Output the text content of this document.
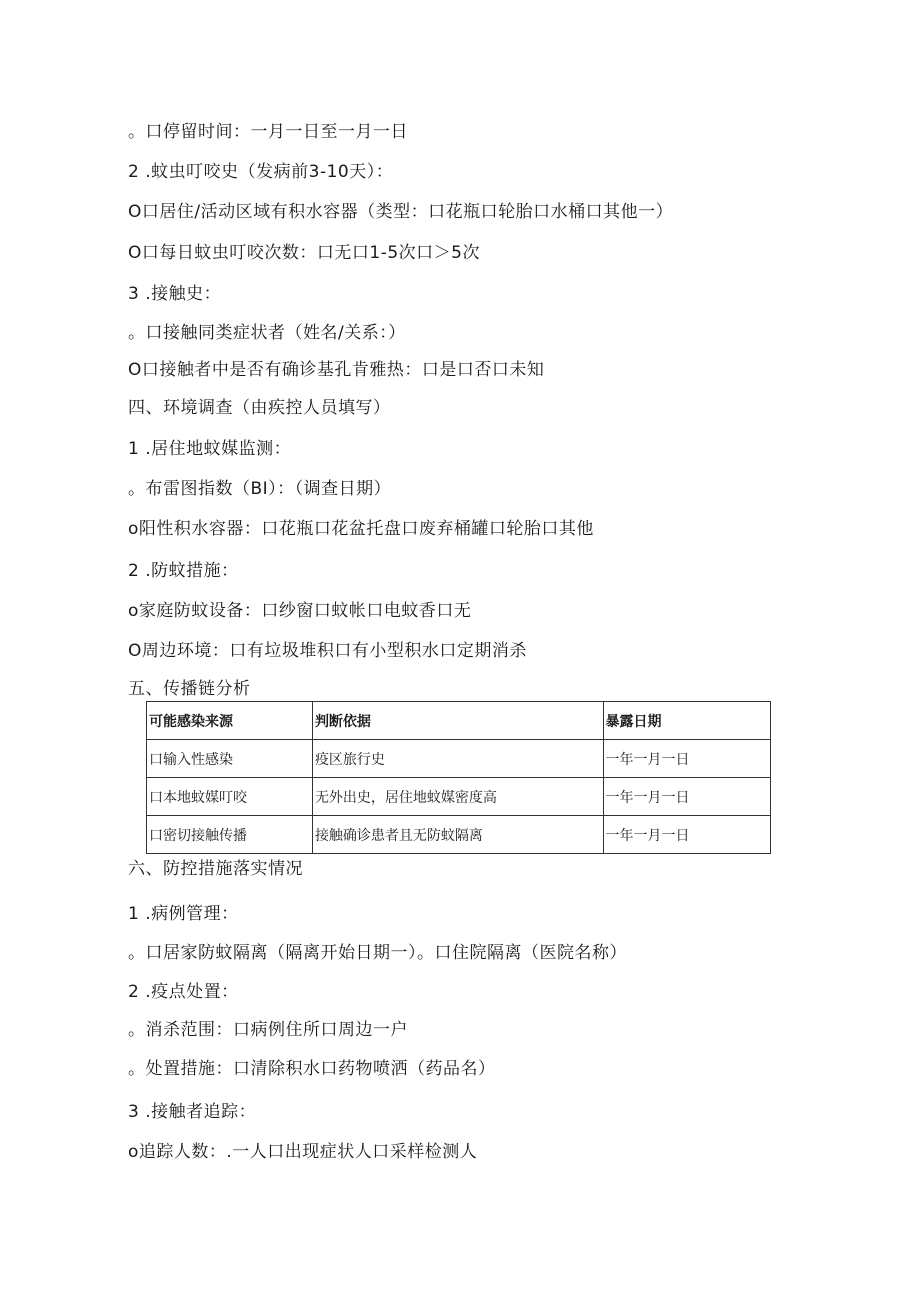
。口停留时间：一月一日至一月一日
2 .蚊虫叮咬史（发病前3-10天）：
O口居住/活动区域有积水容器（类型：口花瓶口轮胎口水桶口其他一）
O口每日蚊虫叮咬次数：口无口1-5次口＞5次
3 .接触史：
。口接触同类症状者（姓名/关系：）
O口接触者中是否有确诊基孔肯雅热：口是口否口未知
四、环境调查（由疾控人员填写）
1 .居住地蚊媒监测：
。布雷图指数（BI）：（调查日期）
o阳性积水容器：口花瓶口花盆托盘口废弃桶罐口轮胎口其他
2 .防蚊措施：
o家庭防蚊设备：口纱窗口蚊帐口电蚊香口无
O周边环境：口有垃圾堆积口有小型积水口定期消杀
五、传播链分析
可能感染来源	判断依据	暴露日期
口输入性感染	疫区旅行史	一年一月一日
口本地蚊媒叮咬	无外出史，居住地蚊媒密度高	一年一月一日
口密切接触传播	接触确诊患者且无防蚊隔离	一年一月一日
六、防控措施落实情况
1 .病例管理：
。口居家防蚊隔离（隔离开始日期一）。口住院隔离（医院名称）
2 .疫点处置：
。消杀范围：口病例住所口周边一户
。处置措施：口清除积水口药物喷洒（药品名）
3 .接触者追踪：
o追踪人数：.一人口出现症状人口采样检测人
